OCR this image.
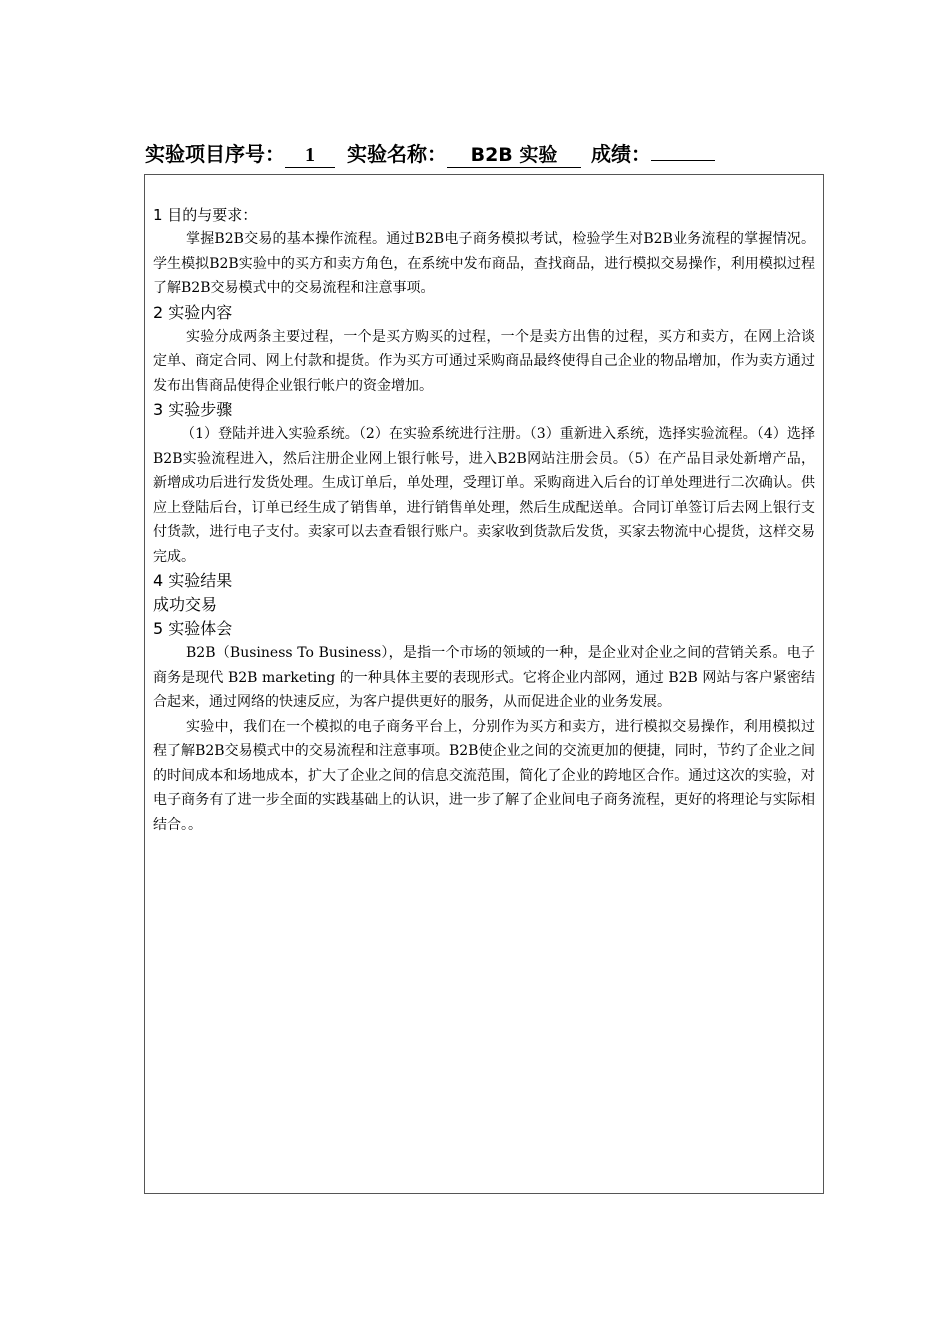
实验项目序号：	1	实验名称：	B2B 实验	成绩：
1 目的与要求：

掌握B2B交易的基本操作流程。通过B2B电子商务模拟考试，检验学生对B2B业务流程的掌握情况。学生模拟B2B实验中的买方和卖方角色，在系统中发布商品，查找商品，进行模拟交易操作，利用模拟过程了解B2B交易模式中的交易流程和注意事项。

2 实验内容

实验分成两条主要过程，一个是买方购买的过程，一个是卖方出售的过程，买方和卖方，在网上洽谈定单、商定合同、网上付款和提货。作为买方可通过采购商品最终使得自己企业的物品增加，作为卖方通过发布出售商品使得企业银行帐户的资金增加。

3 实验步骤

（1）登陆并进入实验系统。（2）在实验系统进行注册。（3）重新进入系统，选择实验流程。（4）选择B2B实验流程进入，然后注册企业网上银行帐号，进入B2B网站注册会员。（5）在产品目录处新增产品，新增成功后进行发货处理。生成订单后，单处理，受理订单。采购商进入后台的订单处理进行二次确认。供应上登陆后台，订单已经生成了销售单，进行销售单处理，然后生成配送单。合同订单签订后去网上银行支付货款，进行电子支付。卖家可以去查看银行账户。卖家收到货款后发货，买家去物流中心提货，这样交易完成。

4 实验结果
成功交易
5 实验体会

B2B（Business To Business），是指一个市场的领域的一种，是企业对企业之间的营销关系。电子商务是现代 B2B marketing 的一种具体主要的表现形式。它将企业内部网，通过 B2B 网站与客户紧密结合起来，通过网络的快速反应，为客户提供更好的服务，从而促进企业的业务发展。

实验中，我们在一个模拟的电子商务平台上，分别作为买方和卖方，进行模拟交易操作，利用模拟过程了解B2B交易模式中的交易流程和注意事项。B2B使企业之间的交流更加的便捷，同时，节约了企业之间的时间成本和场地成本，扩大了企业之间的信息交流范围，简化了企业的跨地区合作。通过这次的实验，对电子商务有了进一步全面的实践基础上的认识，进一步了解了企业间电子商务流程，更好的将理论与实际相结合。。
